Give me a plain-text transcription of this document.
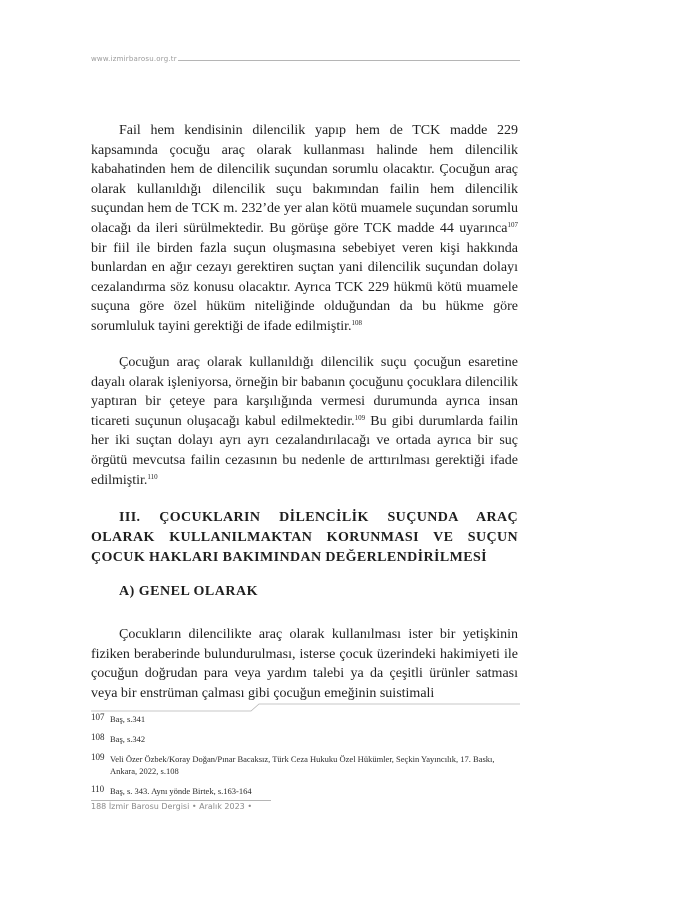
www.izmirbarosu.org.tr

Fail hem kendisinin dilencilik yapıp hem de TCK madde 229 kapsamında çocuğu araç olarak kullanması halinde hem dilencilik kabahatinden hem de dilencilik suçundan sorumlu olacaktır. Çocuğun araç olarak kullanıldığı dilencilik suçu bakımından failin hem dilencilik suçundan hem de TCK m. 232’de yer alan kötü muamele suçundan sorumlu olacağı da ileri sürülmektedir. Bu görüşe göre TCK madde 44 uyarınca$^{107}$ bir fiil ile birden fazla suçun oluşmasına sebebiyet veren kişi hakkında bunlardan en ağır cezayı gerektiren suçtan yani dilencilik suçundan dolayı cezalandırma söz konusu olacaktır. Ayrıca TCK 229 hükmü kötü muamele suçuna göre özel hüküm niteliğinde olduğundan da bu hükme göre sorumluluk tayini gerektiği de ifade edilmiştir.$^{108}$

Çocuğun araç olarak kullanıldığı dilencilik suçu çocuğun esaretine dayalı olarak işleniyorsa, örneğin bir babanın çocuğunu çocuklara dilencilik yaptıran bir çeteye para karşılığında vermesi durumunda ayrıca insan ticareti suçunun oluşacağı kabul edilmektedir.$^{109}$ Bu gibi durumlarda failin her iki suçtan dolayı ayrı ayrı cezalandırılacağı ve ortada ayrıca bir suç örgütü mevcutsa failin cezasının bu nedenle de arttırılması gerektiği ifade edilmiştir.$^{110}$

III. ÇOCUKLARIN DİLENCİLİK SUÇUNDA ARAÇ OLARAK KULLANILMAKTAN KORUNMASI VE SUÇUN ÇOCUK HAKLARI BAKIMINDAN DEĞERLENDİRİLMESİ
A) GENEL OLARAK

Çocukların dilencilikte araç olarak kullanılması ister bir yetişkinin fiziken beraberinde bulundurulması, isterse çocuk üzerindeki hakimiyeti ile çocuğun doğrudan para veya yardım talebi ya da çeşitli ürünler satması veya bir enstrüman çalması gibi çocuğun emeğinin suistimali

107 Baş, s.341
108 Baş, s.342
109 Veli Özer Özbek/Koray Doğan/Pınar Bacaksız, Türk Ceza Hukuku Özel Hükümler, Seçkin Yayıncılık, 17. Baskı, Ankara, 2022, s.108
110 Baş, s. 343. Aynı yönde Birtek, s.163-164
188 İzmir Barosu Dergisi • Aralık 2023 •
